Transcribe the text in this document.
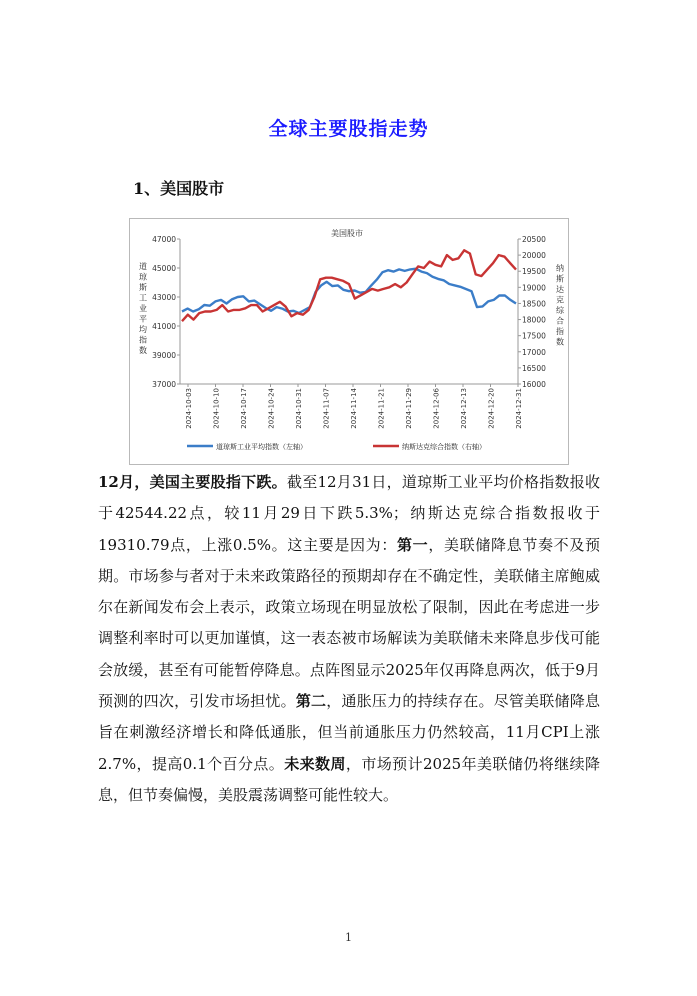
全球主要股指走势
1、美国股市
美国股市
37000
39000
41000
43000
45000
47000
16000
16500
17000
17500
18000
18500
19000
19500
20000
20500
道
琼
斯
工
业
平
均
指
数
纳
斯
达
克
综
合
指
数
2024-10-03	2024-10-10	2024-10-17	2024-10-24	2024-10-31	2024-11-07	2024-11-14	2024-11-21	2024-11-29	2024-12-06	2024-12-13	2024-12-20	2024-12-31
道琼斯工业平均指数（左轴）	纳斯达克综合指数（右轴）

12月，美国主要股指下跌。截至12月31日，道琼斯工业平均价格指数报收于42544.22点，较11月29日下跌5.3%；纳斯达克综合指数报收于19310.79点，上涨0.5%。这主要是因为：第一，美联储降息节奏不及预期。市场参与者对于未来政策路径的预期却存在不确定性，美联储主席鲍威尔在新闻发布会上表示，政策立场现在明显放松了限制，因此在考虑进一步调整利率时可以更加谨慎，这一表态被市场解读为美联储未来降息步伐可能会放缓，甚至有可能暂停降息。点阵图显示2025年仅再降息两次，低于9月预测的四次，引发市场担忧。第二，通胀压力的持续存在。尽管美联储降息旨在刺激经济增长和降低通胀，但当前通胀压力仍然较高，11月CPI上涨2.7%，提高0.1个百分点。未来数周，市场预计2025年美联储仍将继续降息，但节奏偏慢，美股震荡调整可能性较大。

1
